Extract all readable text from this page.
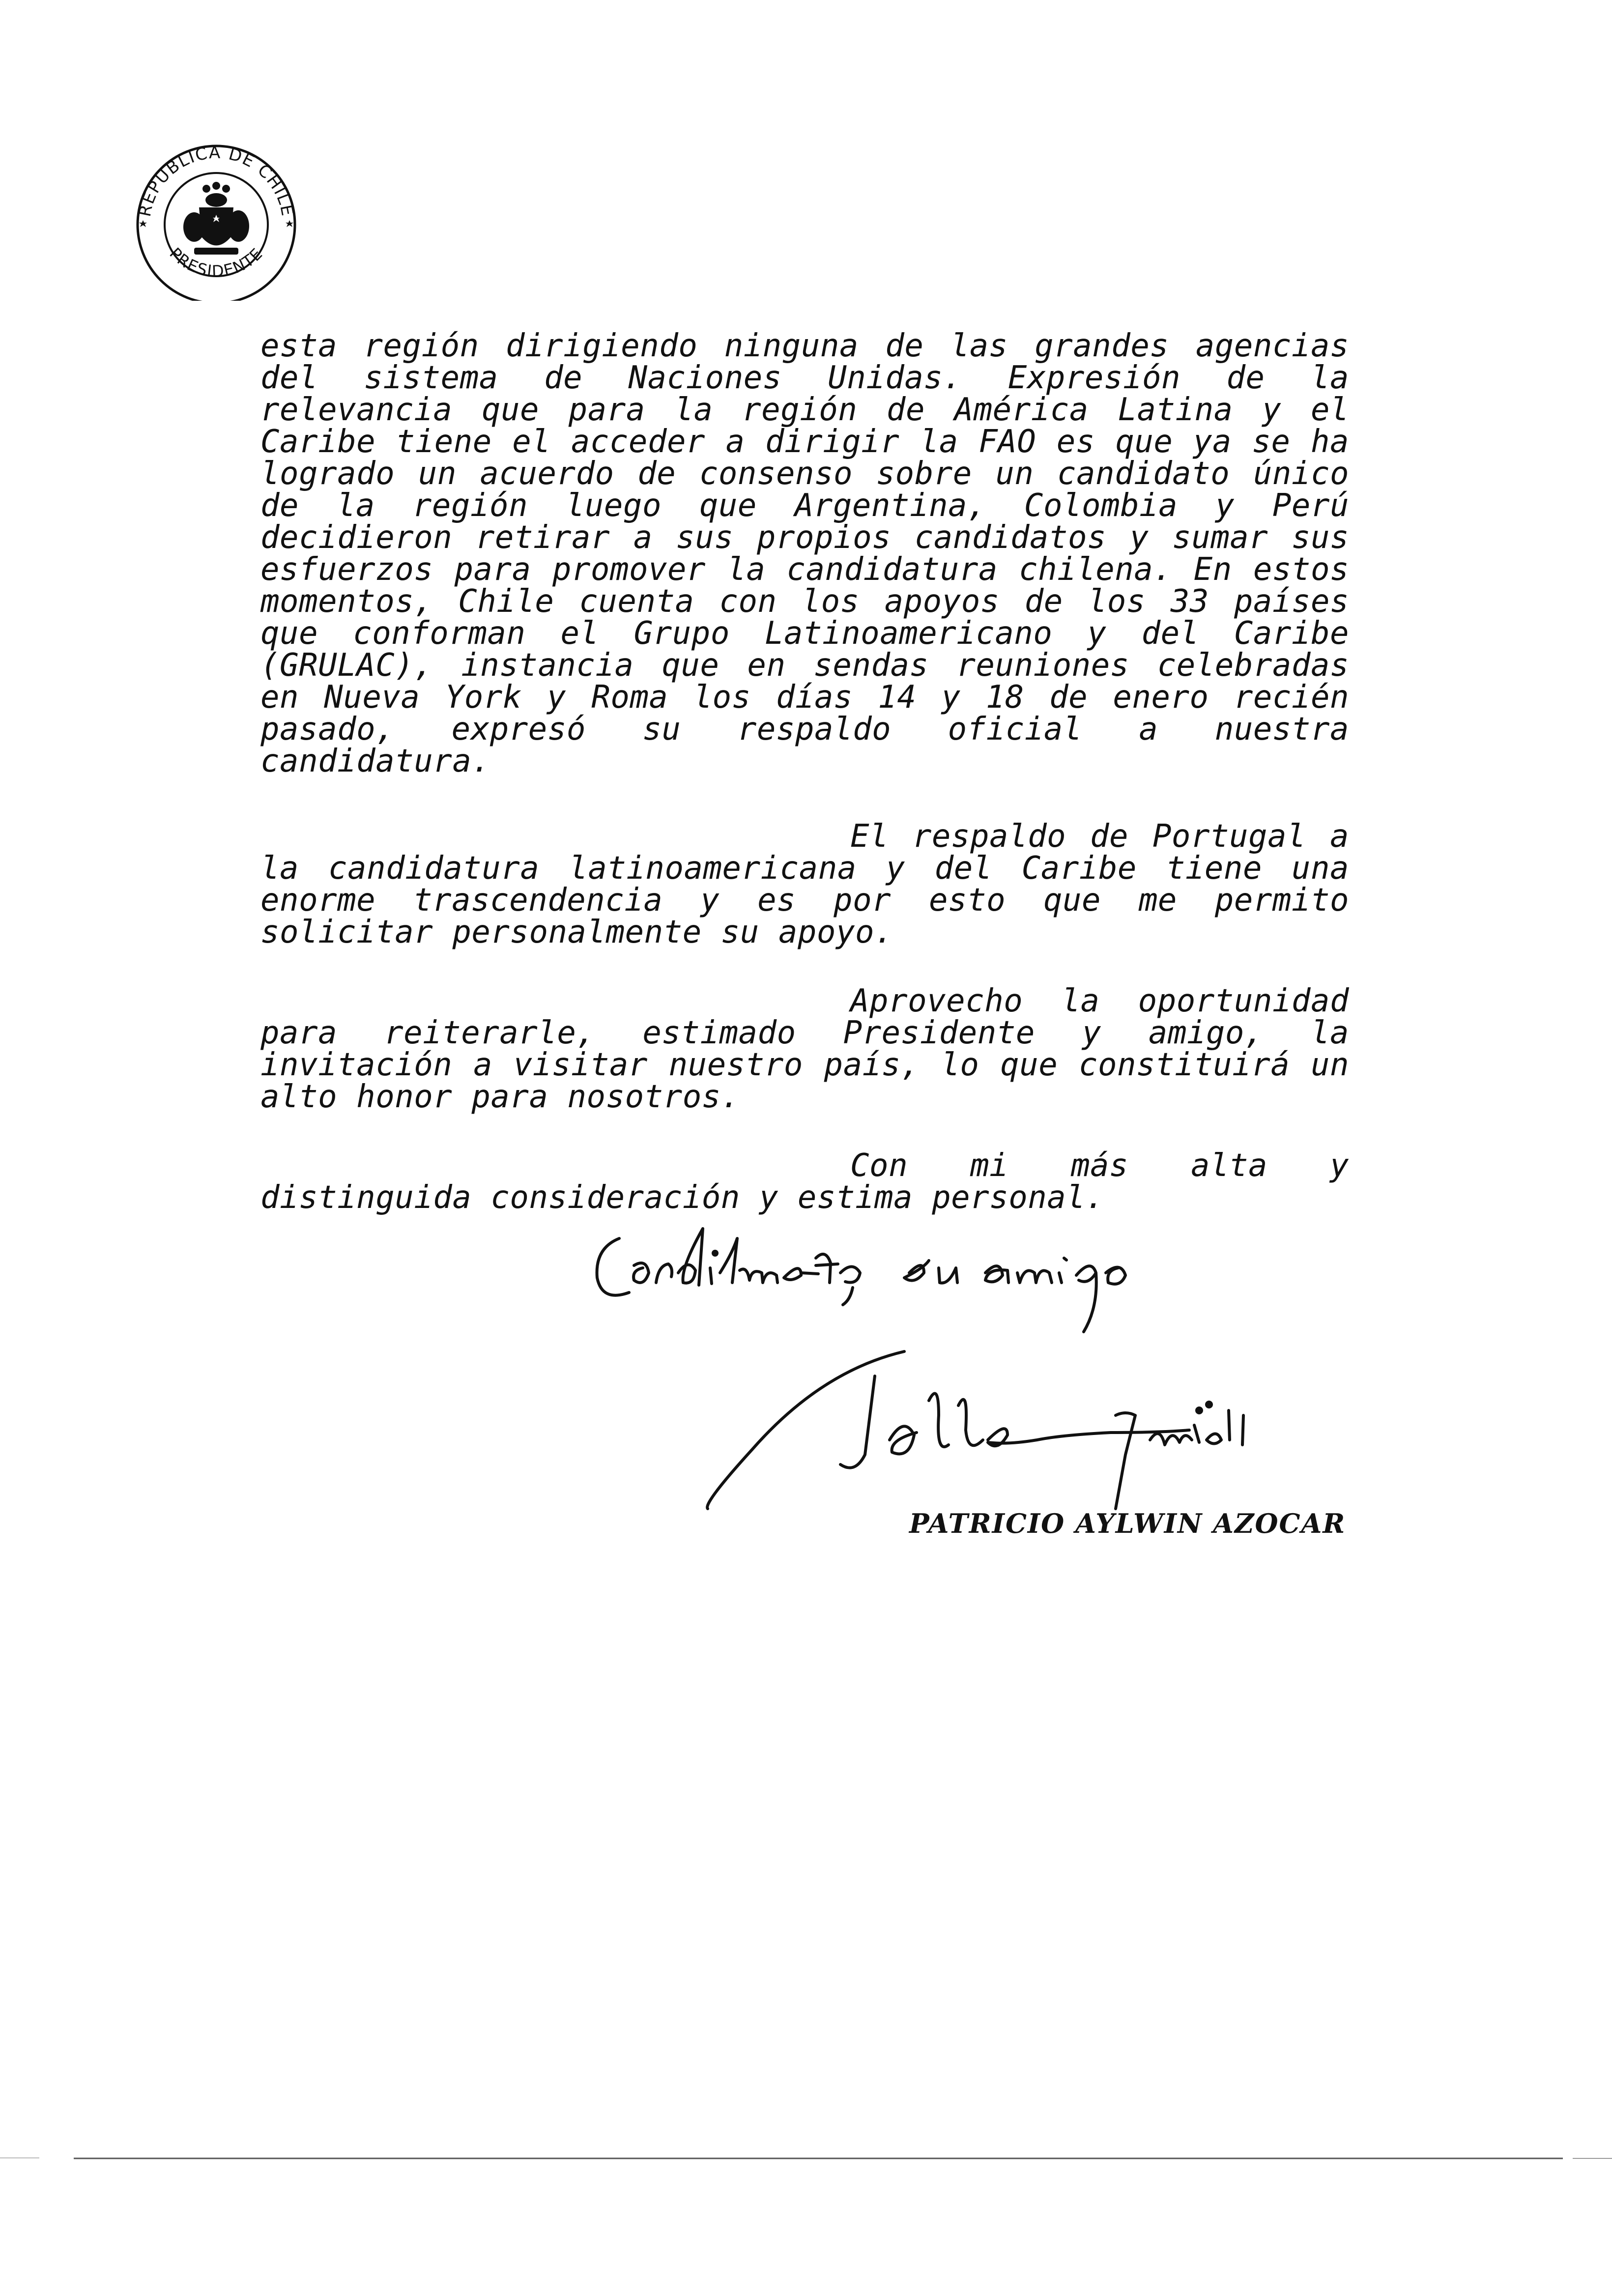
REPUBLICA DE CHILE
PRESIDENTE
esta región dirigiendo ninguna de las grandes agencias del sistema de Naciones Unidas. Expresión de la relevancia que para la región de América Latina y el Caribe tiene el acceder a dirigir la FAO es que ya se ha logrado un acuerdo de consenso sobre un candidato único de la región luego que Argentina, Colombia y Perú decidieron retirar a sus propios candidatos y sumar sus esfuerzos para promover la candidatura chilena. En estos momentos, Chile cuenta con los apoyos de los 33 países que conforman el Grupo Latinoamericano y del Caribe (GRULAC), instancia que en sendas reuniones celebradas en Nueva York y Roma los días 14 y 18 de enero recién pasado, expresó su respaldo oficial a nuestra candidatura.
El respaldo de Portugal a la candidatura latinoamericana y del Caribe tiene una enorme trascendencia y es por esto que me permito solicitar personalmente su apoyo.
Aprovecho la oportunidad para reiterarle, estimado Presidente y amigo, la invitación a visitar nuestro país, lo que constituirá un alto honor para nosotros.
Con mi más alta y
distinguida consideración y estima personal.
PATRICIO AYLWIN AZOCAR
